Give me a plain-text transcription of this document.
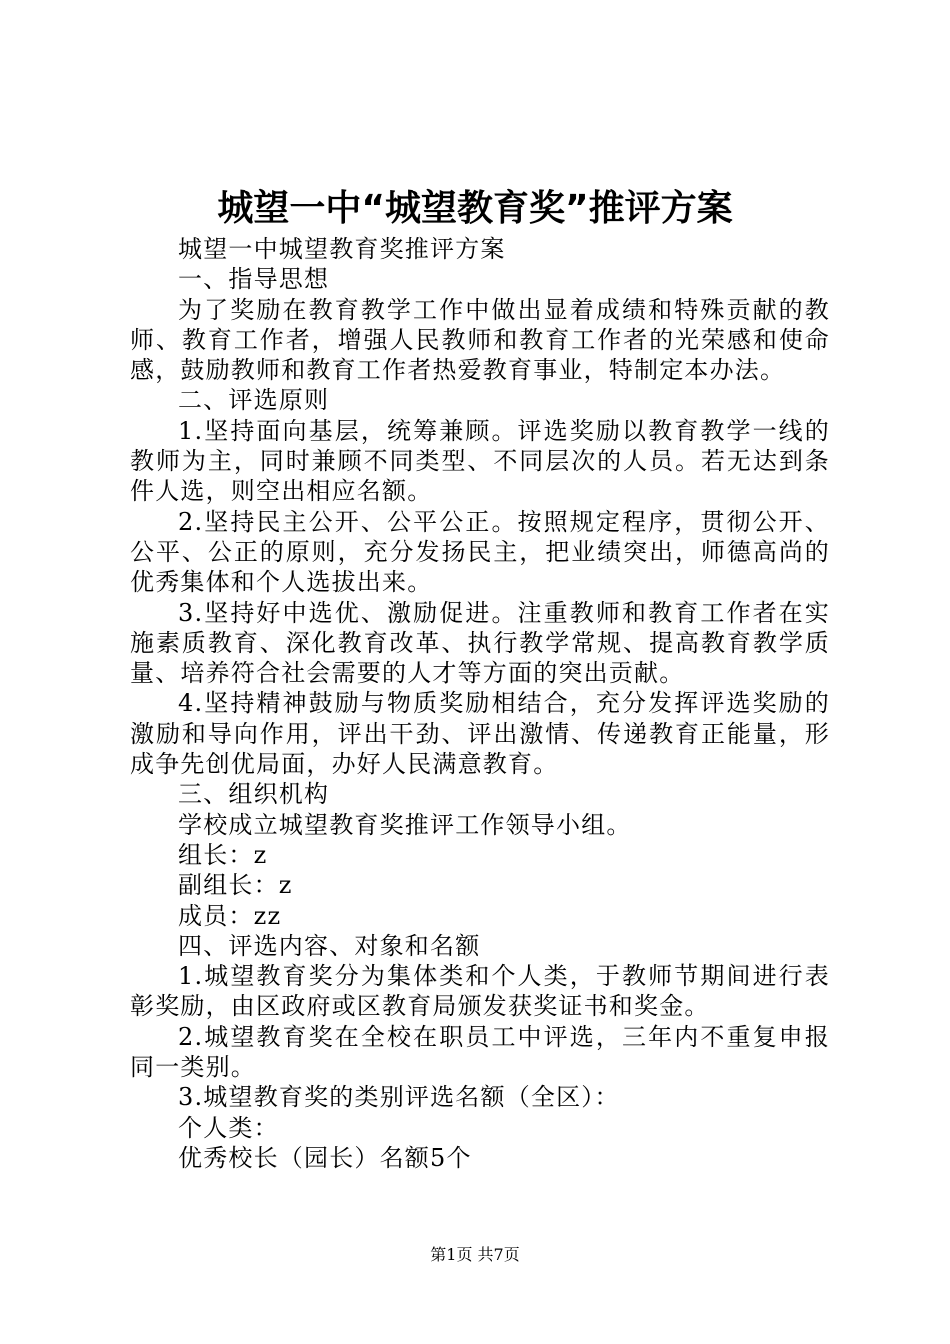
城望一中“城望教育奖”推评方案

城望一中城望教育奖推评方案

一、指导思想

为了奖励在教育教学工作中做出显着成绩和特殊贡献的教师、教育工作者，增强人民教师和教育工作者的光荣感和使命感，鼓励教师和教育工作者热爱教育事业，特制定本办法。

二、评选原则

1.坚持面向基层，统筹兼顾。评选奖励以教育教学一线的教师为主，同时兼顾不同类型、不同层次的人员。若无达到条件人选，则空出相应名额。

2.坚持民主公开、公平公正。按照规定程序，贯彻公开、公平、公正的原则，充分发扬民主，把业绩突出，师德高尚的优秀集体和个人选拔出来。

3.坚持好中选优、激励促进。注重教师和教育工作者在实施素质教育、深化教育改革、执行教学常规、提高教育教学质量、培养符合社会需要的人才等方面的突出贡献。

4.坚持精神鼓励与物质奖励相结合，充分发挥评选奖励的激励和导向作用，评出干劲、评出激情、传递教育正能量，形成争先创优局面，办好人民满意教育。

三、组织机构

学校成立城望教育奖推评工作领导小组。

组长：z

副组长：z

成员：zz

四、评选内容、对象和名额

1.城望教育奖分为集体类和个人类，于教师节期间进行表彰奖励，由区政府或区教育局颁发获奖证书和奖金。

2.城望教育奖在全校在职员工中评选，三年内不重复申报同一类别。

3.城望教育奖的类别评选名额（全区）：

个人类：

优秀校长（园长）名额5个

第1页 共7页
